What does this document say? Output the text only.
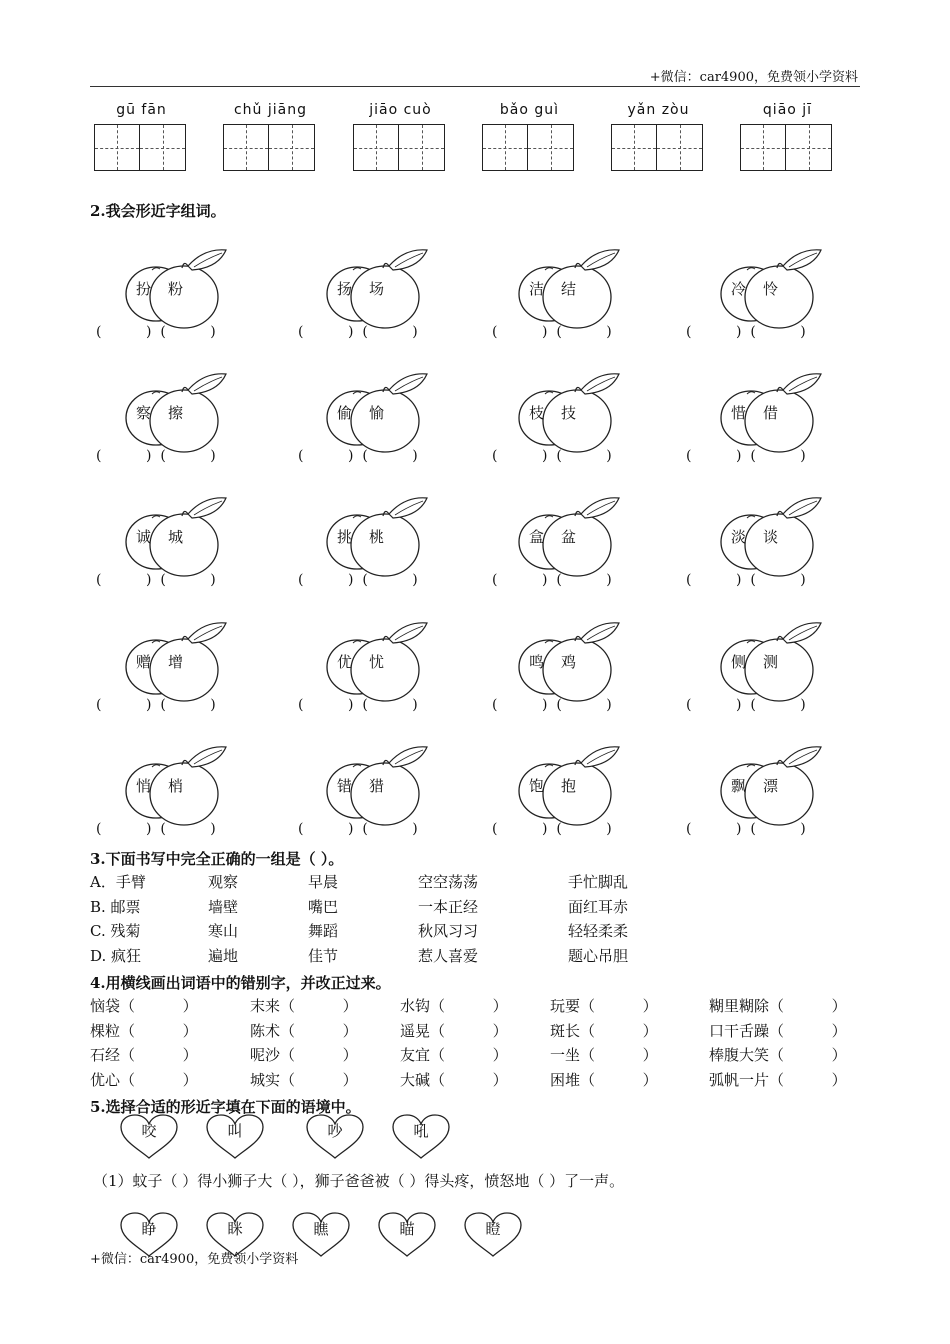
+微信：car4900，免费领小学资料
gū fān	chǔ jiāng	jiāo cuò	bǎo guì	yǎn zòu	qiāo jī
2.我会形近字组词。
扮 粉
(          )  (          )
扬 场
(          )  (          )
洁 结
(          )  (          )
冷 怜
(          )  (          )
察 擦
(          )  (          )
偷 愉
(          )  (          )
枝 技
(          )  (          )
惜 借
(          )  (          )
诚 城
(          )  (          )
挑 桃
(          )  (          )
盒 盆
(          )  (          )
淡 谈
(          )  (          )
赠 增
(          )  (          )
优 忧
(          )  (          )
鸣 鸡
(          )  (          )
侧 测
(          )  (          )
悄 梢
(          )  (          )
错 猎
(          )  (          )
饱 抱
(          )  (          )
飘 漂
(          )  (          )
3.下面书写中完全正确的一组是（ ）。
A．手臂	观察	早晨	空空荡荡	手忙脚乱
B. 邮票	墙壁	嘴巴	一本正经	面红耳赤
C. 残菊	寒山	舞蹈	秋风习习	轻轻柔柔
D. 疯狂	遍地	佳节	惹人喜爱	题心吊胆
4.用横线画出词语中的错别字，并改正过来。
恼袋（          ）	末来（          ）	水钩（          ）	玩要（          ）	糊里糊除（          ）
棵粒（          ）	陈术（          ）	遥晃（          ）	斑长（          ）	口干舌躁（          ）
石经（          ）	呢沙（          ）	友宜（          ）	一坐（          ）	棒腹大笑（          ）
优心（          ）	城实（          ）	大碱（          ）	困堆（          ）	弧帆一片（          ）
5.选择合适的形近字填在下面的语境中。
咬	叫	吵	吼
（1）蚊子（ ）得小狮子大（ ），狮子爸爸被（ ）得头疼，愤怒地（ ）了一声。
睁	眯	瞧	瞄	瞪
+微信：car4900，免费领小学资料
